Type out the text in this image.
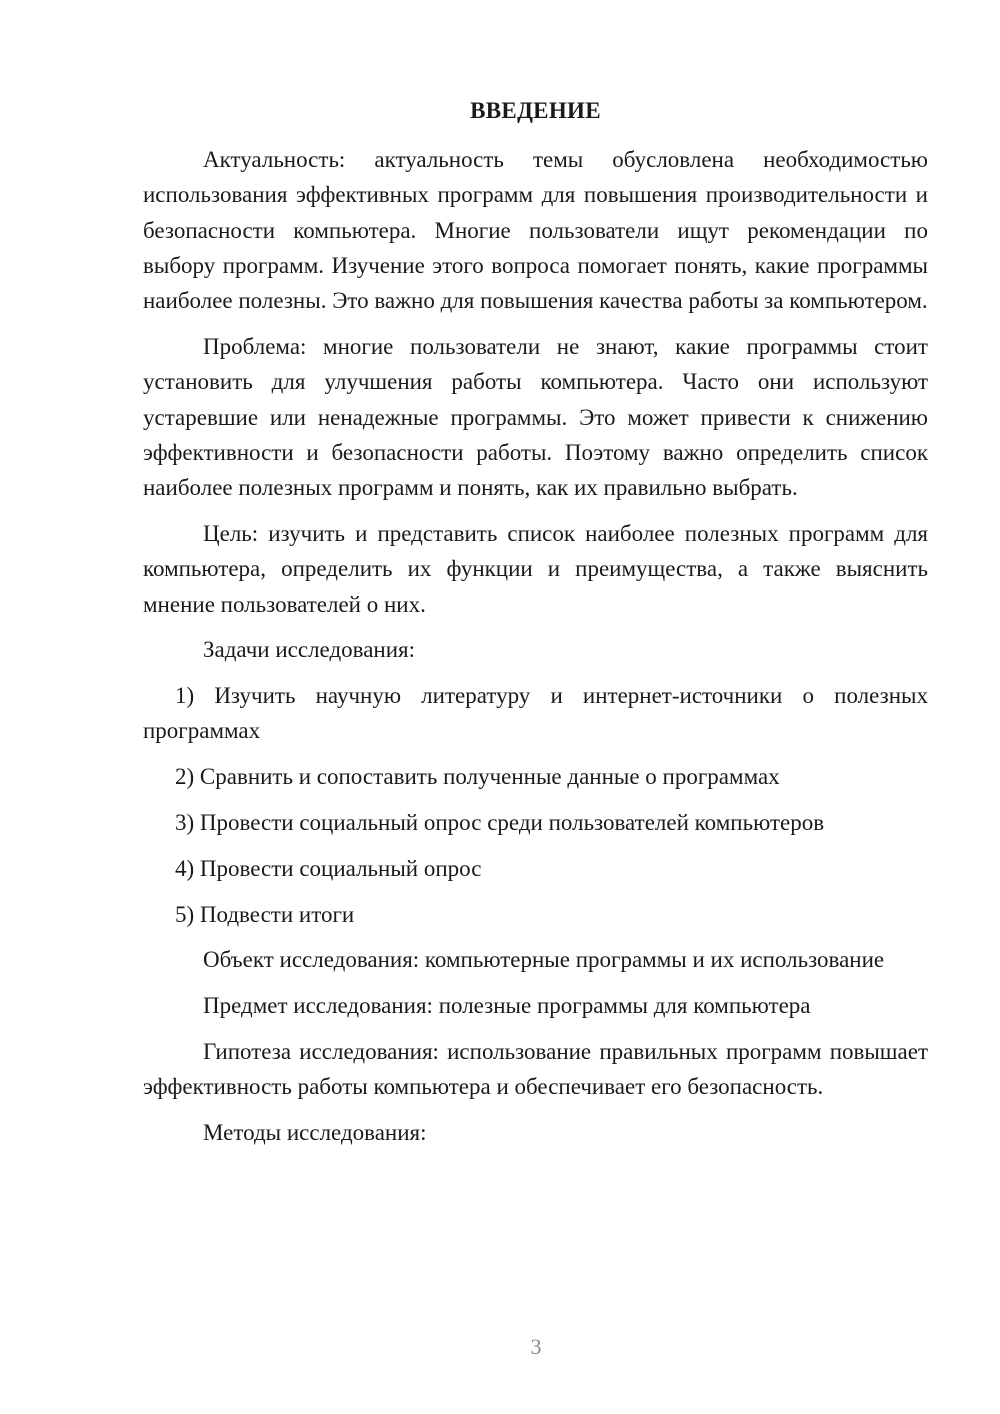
ВВЕДЕНИЕ

Актуальность: актуальность темы обусловлена необходимостью использования эффективных программ для повышения производительности и безопасности компьютера. Многие пользователи ищут рекомендации по выбору программ. Изучение этого вопроса помогает понять, какие программы наиболее полезны. Это важно для повышения качества работы за компьютером.

Проблема: многие пользователи не знают, какие программы стоит установить для улучшения работы компьютера. Часто они используют устаревшие или ненадежные программы. Это может привести к снижению эффективности и безопасности работы. Поэтому важно определить список наиболее полезных программ и понять, как их правильно выбрать.

Цель: изучить и представить список наиболее полезных программ для компьютера, определить их функции и преимущества, а также выяснить мнение пользователей о них.

Задачи исследования:

1) Изучить научную литературу и интернет-источники о полезных программах

2) Сравнить и сопоставить полученные данные о программах

3) Провести социальный опрос среди пользователей компьютеров

4) Провести социальный опрос

5) Подвести итоги

Объект исследования: компьютерные программы и их использование

Предмет исследования: полезные программы для компьютера

Гипотеза исследования: использование правильных программ повышает эффективность работы компьютера и обеспечивает его безопасность.

Методы исследования:

3
